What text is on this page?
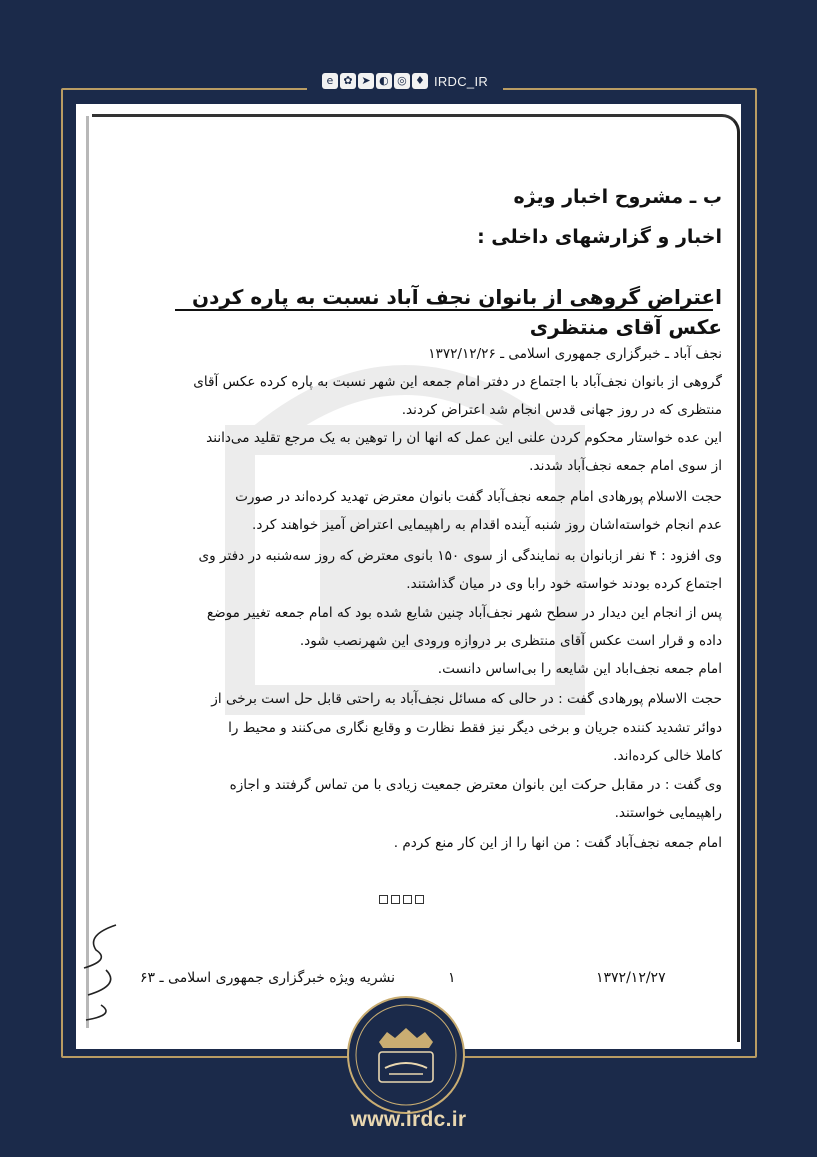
e ✿ ➤ ◐ ◎ ♦ IRDC_IR
ب ـ مشروح اخبار ویژه
اخبار و گزارشهای داخلی :
اعتراض گروهی از بانوان نجف آباد نسبت به پاره کردن عکس آقای منتظری
نجف آباد ـ خبرگزاری جمهوری اسلامی ـ ۱۳۷۲/۱۲/۲۶
گروهی از بانوان نجف‌آباد با اجتماع در دفتر امام جمعه این شهر نسبت به پاره کرده عکس آقای
منتظری که در روز جهانی قدس انجام شد اعتراض کردند.
این عده خواستار محکوم کردن علنی این عمل که انها ان را توهین به یک مرجع تقلید می‌دانند
از سوی امام جمعه نجف‌آباد شدند.
حجت الاسلام پورهادی امام جمعه نجف‌آباد گفت بانوان معترض تهدید کرده‌اند در صورت
عدم انجام خواسته‌اشان روز شنبه آینده اقدام به راهپیمایی اعتراض آمیز خواهند کرد.
وی افزود : ۴ نفر ازبانوان به نمایندگی از سوی ۱۵۰ بانوی معترض که روز سه‌شنبه در دفتر وی
اجتماع کرده بودند خواسته خود رابا وی در میان گذاشتند.
پس از انجام این دیدار در سطح شهر نجف‌آباد چنین شایع شده بود که امام جمعه تغییر موضع
داده و قرار است عکس آقای منتظری بر دروازه ورودی این شهرنصب شود.
امام جمعه نجف‌اباد این شایعه را بی‌اساس دانست.
حجت الاسلام پورهادی گفت : در حالی که مسائل نجف‌آباد به راحتی قابل حل است برخی از
دوائر تشدید کننده جریان و برخی دیگر نیز فقط نظارت و وقایع نگاری می‌کنند و محیط را
کاملا خالی کرده‌اند.
وی گفت : در مقابل حرکت این بانوان معترض جمعیت زیادی با من تماس گرفتند و اجازه
راهپیمایی خواستند.
امام جمعه نجف‌آباد گفت : من انها را از این کار منع کردم .
۱۳۷۲/۱۲/۲۷
۱
نشریه ویژه خبرگزاری جمهوری اسلامی ـ ۶۳
www.irdc.ir
